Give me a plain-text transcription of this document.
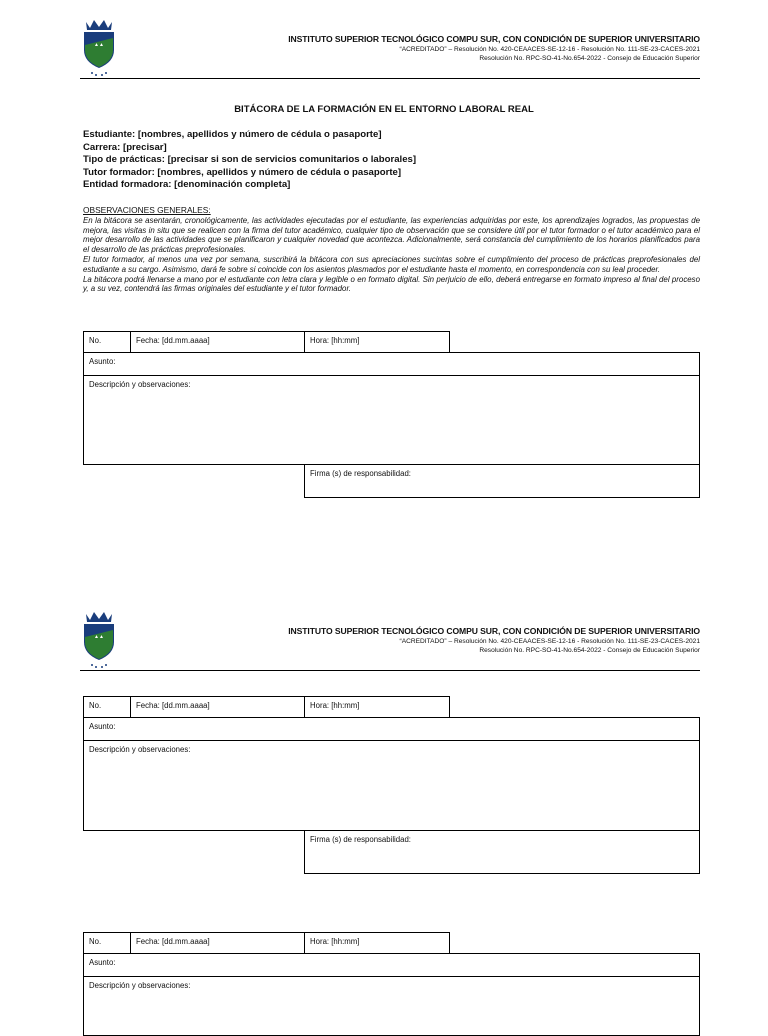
▲▲
INSTITUTO SUPERIOR TECNOLÓGICO COMPU SUR, CON CONDICIÓN DE SUPERIOR UNIVERSITARIO
“ACREDITADO” – Resolución No. 420-CEAACES-SE-12-16 - Resolución No. 111-SE-23-CACES-2021
Resolución No. RPC-SO-41-No.654-2022 - Consejo de Educación Superior
BITÁCORA DE LA FORMACIÓN EN EL ENTORNO LABORAL REAL
Estudiante: [nombres, apellidos y número de cédula o pasaporte]
Carrera: [precisar]
Tipo de prácticas: [precisar si son de servicios comunitarios o laborales]
Tutor formador: [nombres, apellidos y número de cédula o pasaporte]
Entidad formadora: [denominación completa]
OBSERVACIONES GENERALES:

En la bitácora se asentarán, cronológicamente, las actividades ejecutadas por el estudiante, las experiencias adquiridas por este, los aprendizajes logrados, las propuestas de mejora, las visitas in situ que se realicen con la firma del tutor académico, cualquier tipo de observación que se considere útil por el tutor formador o el tutor académico para el mejor desarrollo de las actividades que se planificaron y cualquier novedad que acontezca. Adicionalmente, será constancia del cumplimiento de los horarios planificados para el desarrollo de las prácticas preprofesionales.

El tutor formador, al menos una vez por semana, suscribirá la bitácora con sus apreciaciones sucintas sobre el cumplimiento del proceso de prácticas preprofesionales del estudiante a su cargo. Asimismo, dará fe sobre si coincide con los asientos plasmados por el estudiante hasta el momento, en correspondencia con su leal proceder.

La bitácora podrá llenarse a mano por el estudiante con letra clara y legible o en formato digital. Sin perjuicio de ello, deberá entregarse en formato impreso al final del proceso y, a su vez, contendrá las firmas originales del estudiante y el tutor formador.

No.	Fecha: [dd.mm.aaaa]	Hora: [hh:mm]
Asunto:
Descripción y observaciones:
Firma (s) de responsabilidad:
▲▲
INSTITUTO SUPERIOR TECNOLÓGICO COMPU SUR, CON CONDICIÓN DE SUPERIOR UNIVERSITARIO
“ACREDITADO” – Resolución No. 420-CEAACES-SE-12-16 - Resolución No. 111-SE-23-CACES-2021
Resolución No. RPC-SO-41-No.654-2022 - Consejo de Educación Superior
No.	Fecha: [dd.mm.aaaa]	Hora: [hh:mm]
Asunto:
Descripción y observaciones:
Firma (s) de responsabilidad:
No.	Fecha: [dd.mm.aaaa]	Hora: [hh:mm]
Asunto:
Descripción y observaciones:
